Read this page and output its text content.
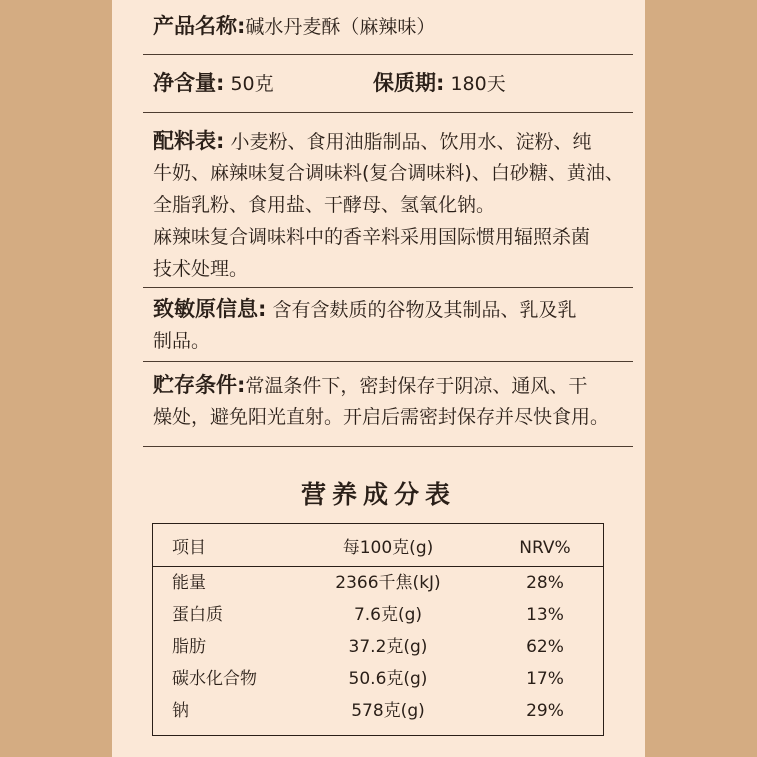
产品名称:碱水丹麦酥（麻辣味）
净含量: 50克	保质期: 180天
配料表: 小麦粉、食用油脂制品、饮用水、淀粉、纯
牛奶、麻辣味复合调味料(复合调味料)、白砂糖、黄油、
全脂乳粉、食用盐、干酵母、氢氧化钠。
麻辣味复合调味料中的香辛料采用国际惯用辐照杀菌
技术处理。
致敏原信息: 含有含麸质的谷物及其制品、乳及乳
制品。
贮存条件:常温条件下，密封保存于阴凉、通风、干
燥处，避免阳光直射。开启后需密封保存并尽快食用。
营养成分表
项目	每100克(g)	NRV%
能量	2366千焦(kJ)	28%
蛋白质	7.6克(g)	13%
脂肪	37.2克(g)	62%
碳水化合物	50.6克(g)	17%
钠	578克(g)	29%
